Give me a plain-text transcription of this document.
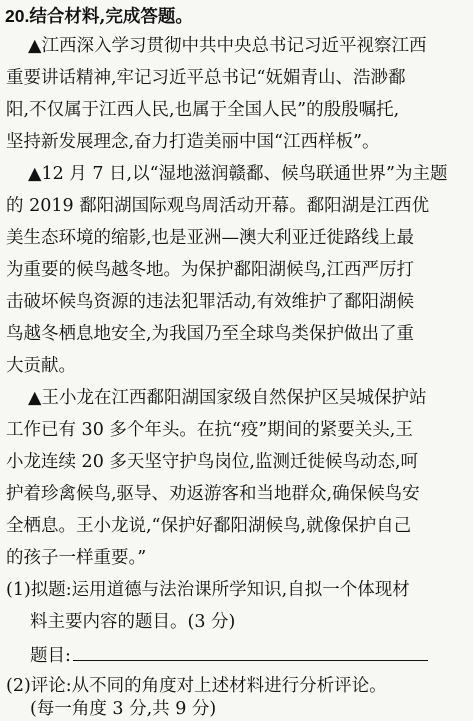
20.结合材料,完成答题。
▲江西深入学习贯彻中共中央总书记习近平视察江西
重要讲话精神,牢记习近平总书记“妩媚青山、浩渺鄱
阳,不仅属于江西人民,也属于全国人民”的殷殷嘱托,
坚持新发展理念,奋力打造美丽中国“江西样板”。
▲12 月 7 日,以“湿地滋润赣鄱、候鸟联通世界”为主题
的 2019 鄱阳湖国际观鸟周活动开幕。鄱阳湖是江西优
美生态环境的缩影,也是亚洲—澳大利亚迁徙路线上最
为重要的候鸟越冬地。为保护鄱阳湖候鸟,江西严厉打
击破坏候鸟资源的违法犯罪活动,有效维护了鄱阳湖候
鸟越冬栖息地安全,为我国乃至全球鸟类保护做出了重
大贡献。
▲王小龙在江西鄱阳湖国家级自然保护区吴城保护站
工作已有 30 多个年头。在抗“疫”期间的紧要关头,王
小龙连续 20 多天坚守护鸟岗位,监测迁徙候鸟动态,呵
护着珍禽候鸟,驱导、劝返游客和当地群众,确保候鸟安
全栖息。王小龙说,“保护好鄱阳湖候鸟,就像保护自己
的孩子一样重要。”
(1)拟题:运用道德与法治课所学知识,自拟一个体现材
料主要内容的题目。(3 分)
题目:
(2)评论:从不同的角度对上述材料进行分析评论。
(每一角度 3 分,共 9 分)
